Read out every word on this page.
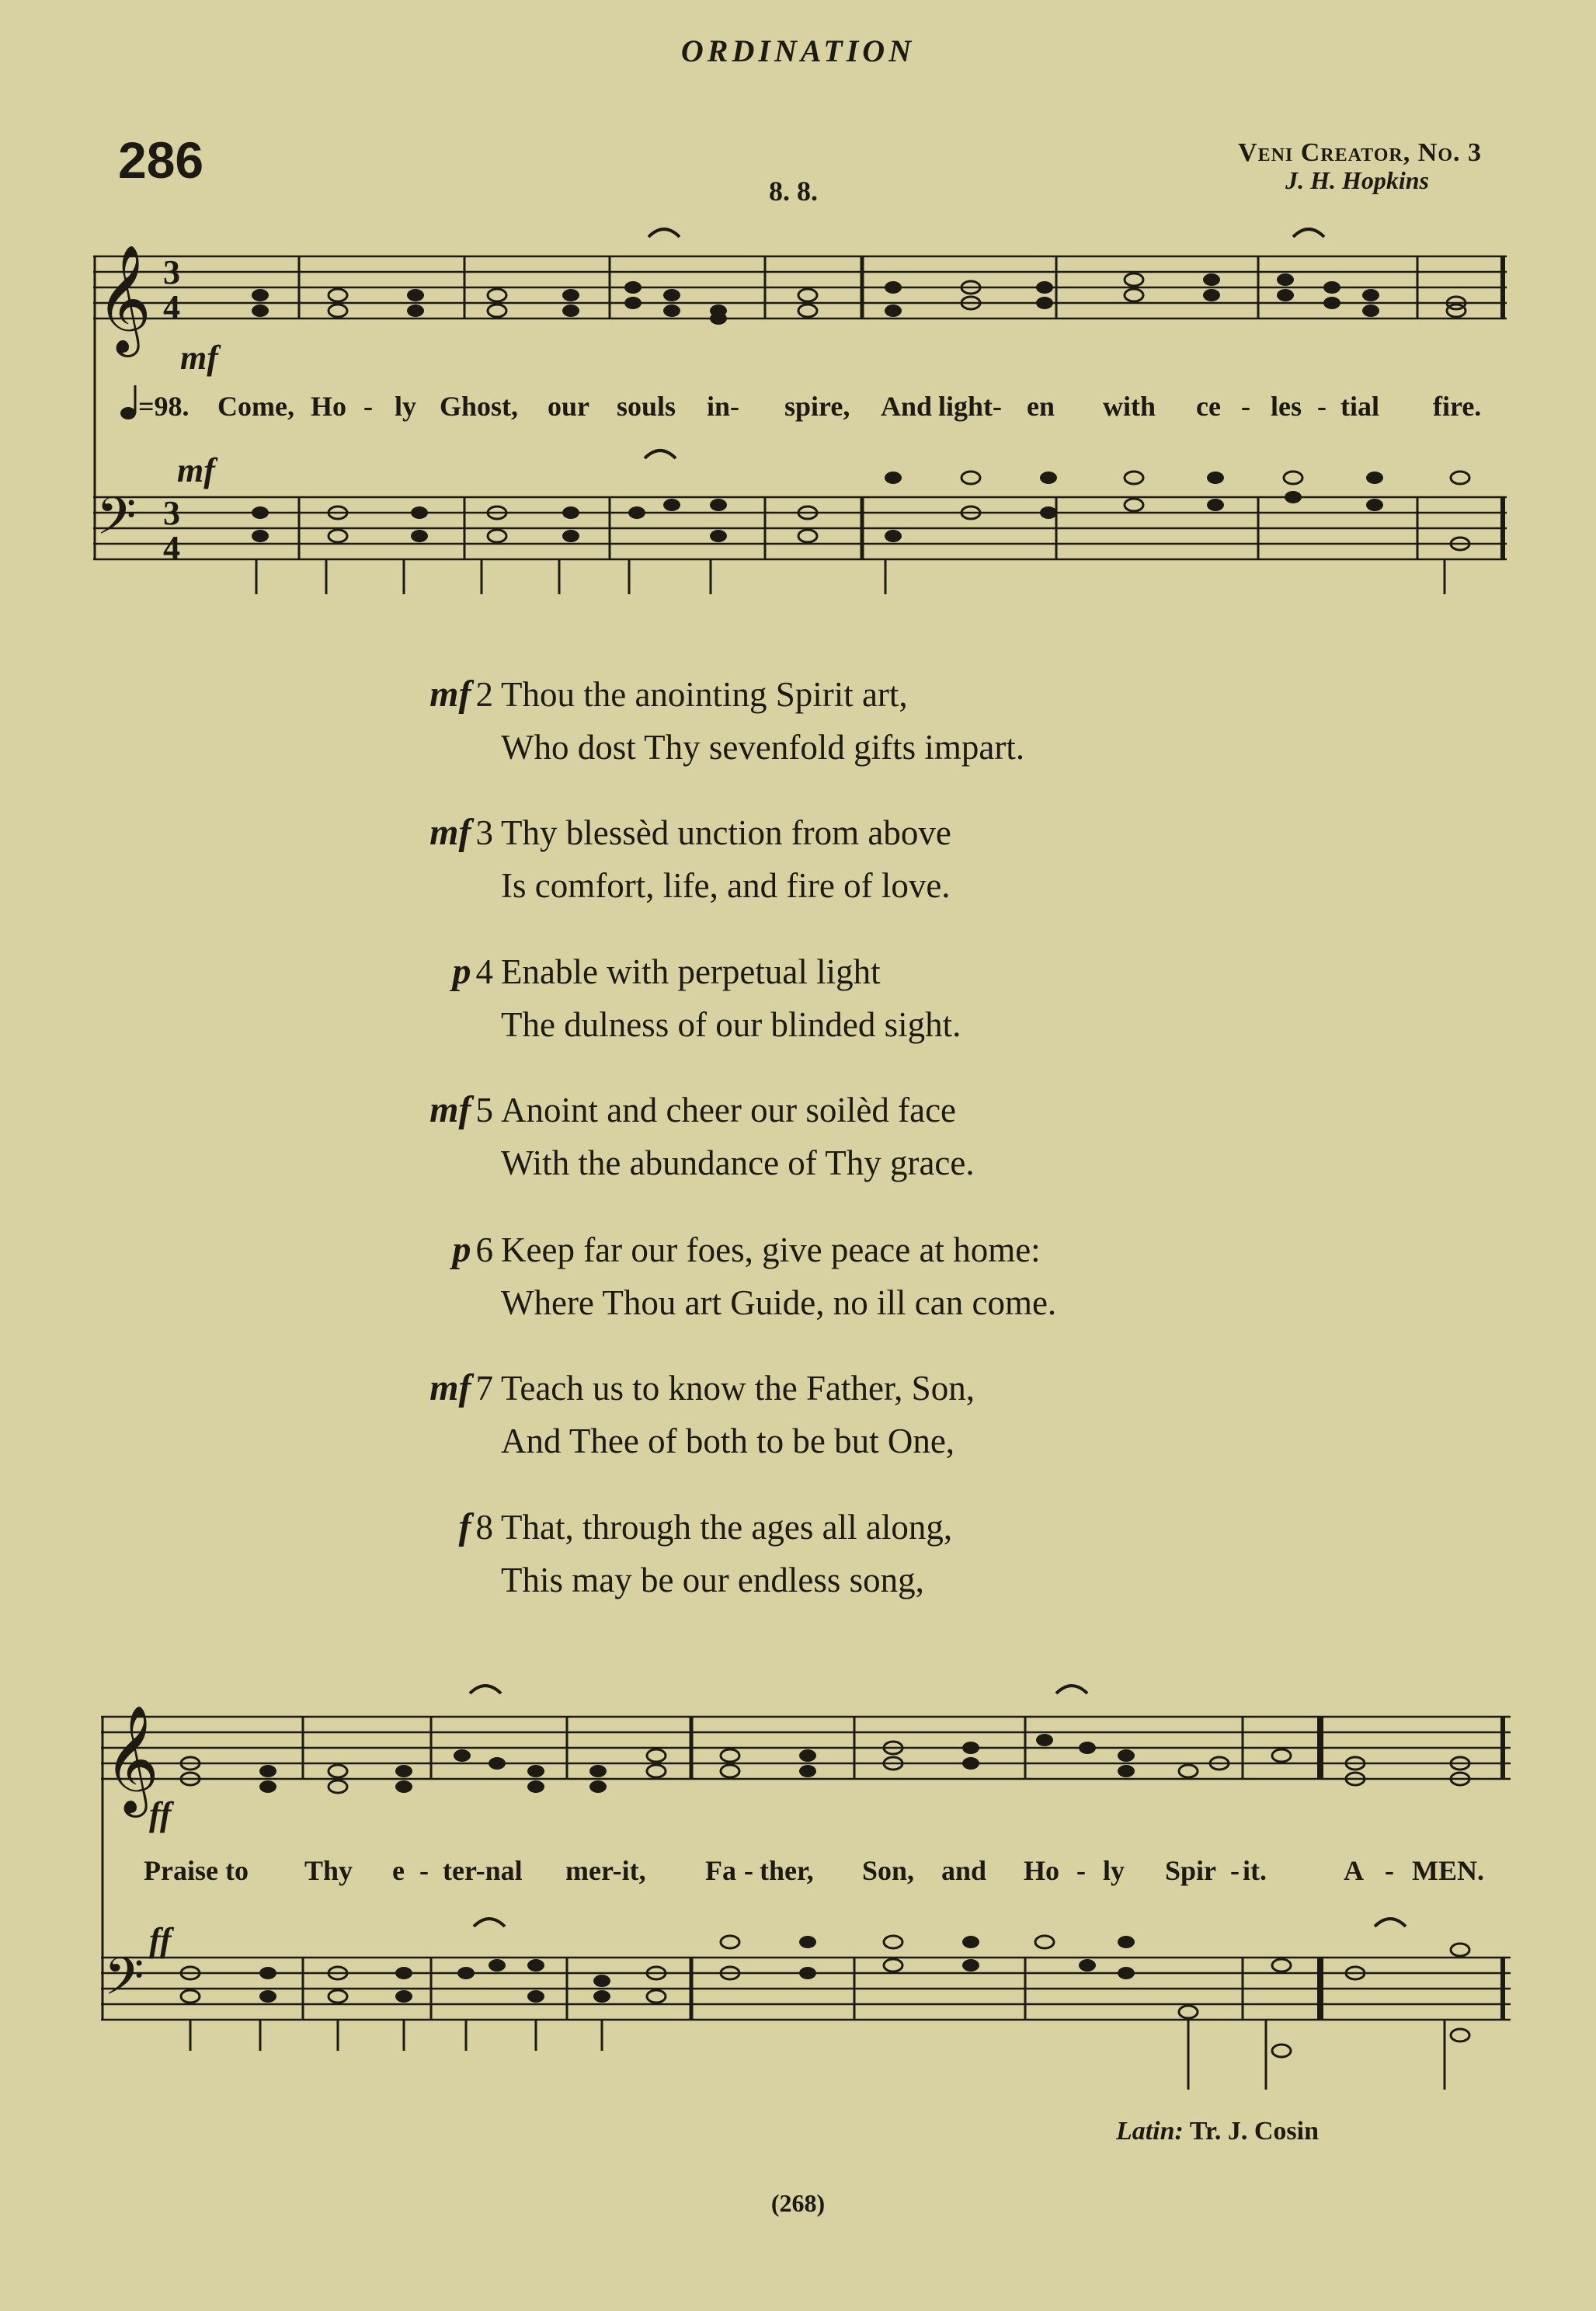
ORDINATION
286
8. 8.
Veni Creator, No. 3
J. H. Hopkins
𝄞 3
4
mf
=98. Come, Ho - ly Ghost, our souls in- spire, And light- en with ce - les - tial fire.
mf
𝄢 3
4
𝄞
ff
Praise to Thy e - ter-nal mer-it, Fa - ther, Son, and Ho - ly Spir - it.	A - MEN.
ff
𝄢
mf 2 Thou the anointing Spirit art,
Who dost Thy sevenfold gifts impart.
mf 3 Thy blessèd unction from above
Is comfort, life, and fire of love.
p 4 Enable with perpetual light
The dulness of our blinded sight.
mf 5 Anoint and cheer our soilèd face
With the abundance of Thy grace.
p 6 Keep far our foes, give peace at home:
Where Thou art Guide, no ill can come.
mf 7 Teach us to know the Father, Son,
And Thee of both to be but One,
f 8 That, through the ages all along,
This may be our endless song,
Latin: Tr. J. Cosin
(268)
